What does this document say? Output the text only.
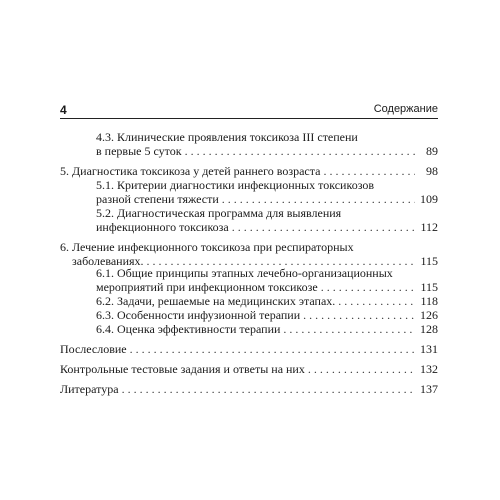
4	Содержание
4.3. Клинические проявления токсикоза III степени
в первые 5 суток . . .	89
5. Диагностика токсикоза у детей раннего возраста . . .	98
5.1. Критерии диагностики инфекционных токсикозов
разной степени тяжести . . .	109
5.2. Диагностическая программа для выявления
инфекционного токсикоза . . .	112
6. Лечение инфекционного токсикоза при респираторных
заболеваниях. . . .	115
6.1. Общие принципы этапных лечебно-организационных
мероприятий при инфекционном токсикозе . . .	115
6.2. Задачи, решаемые на медицинских этапах. . . .	118
6.3. Особенности инфузионной терапии . . .	126
6.4. Оценка эффективности терапии . . .	128
Послесловие . . .	131
Контрольные тестовые задания и ответы на них . . .	132
Литература . . .	137
